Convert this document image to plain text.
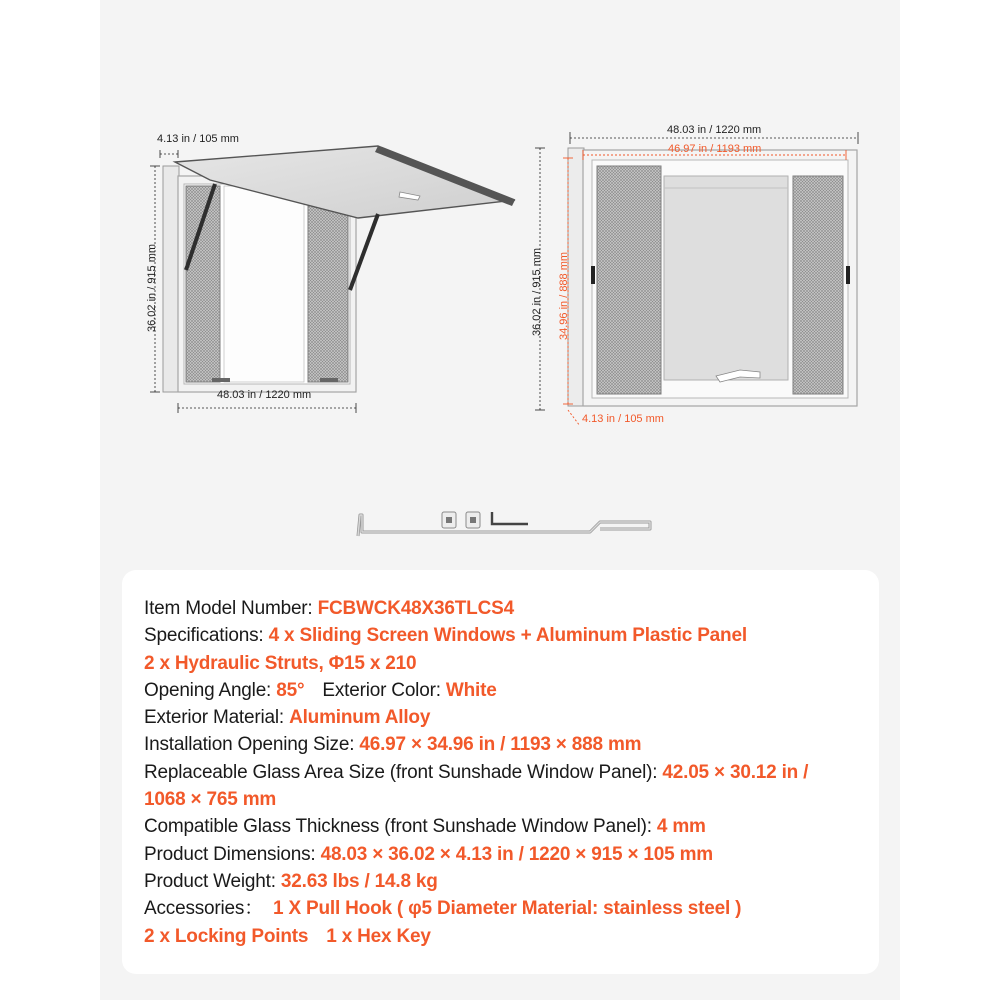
4.13 in / 105 mm
36.02 in / 915 mm
48.03 in / 1220 mm
48.03 in / 1220 mm
46.97 in / 1193 mm
36.02 in / 915 mm 34.96 in / 888 mm
4.13 in / 105 mm
Item Model Number: FCBWCK48X36TLCS4
Specifications: 4 x Sliding Screen Windows + Aluminum Plastic Panel
2 x Hydraulic Struts, Φ15 x 210
Opening Angle: 85° Exterior Color: White
Exterior Material: Aluminum Alloy
Installation Opening Size: 46.97 × 34.96 in / 1193 × 888 mm
Replaceable Glass Area Size (front Sunshade Window Panel): 42.05 × 30.12 in /
1068 × 765 mm
Compatible Glass Thickness (front Sunshade Window Panel): 4 mm
Product Dimensions: 48.03 × 36.02 × 4.13 in / 1220 × 915 × 105 mm
Product Weight: 32.63 lbs / 14.8 kg
Accessories： 1 X Pull Hook ( φ5 Diameter Material: stainless steel )
2 x Locking Points 1 x Hex Key
